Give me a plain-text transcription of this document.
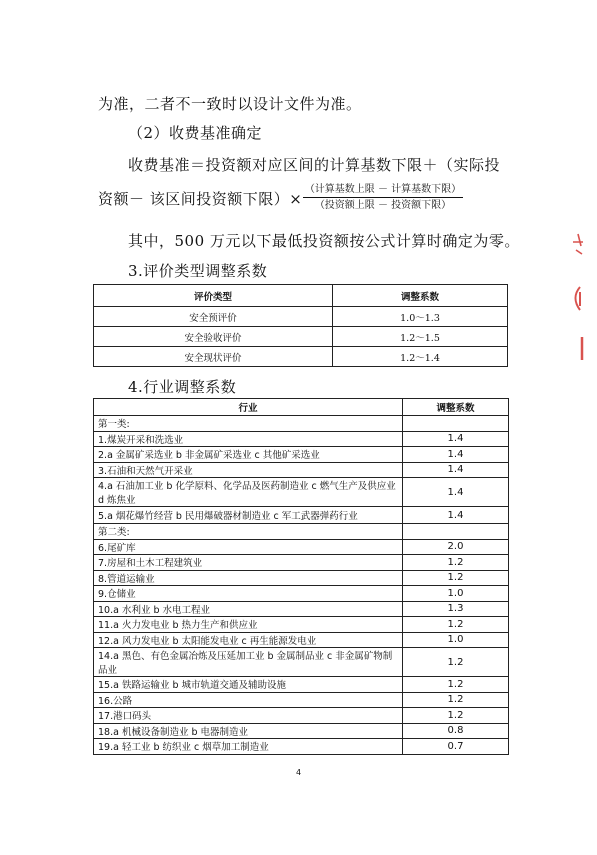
为准，二者不一致时以设计文件为准。
（2）收费基准确定
收费基准＝投资额对应区间的计算基数下限＋（实际投
资额－ 该区间投资额下限）×
（计算基数上限 － 计算基数下限）
（投资额上限 － 投资额下限）
其中，500 万元以下最低投资额按公式计算时确定为零。
3.评价类型调整系数
评价类型	调整系数
安全预评价	1.0～1.3
安全验收评价	1.2～1.5
安全现状评价	1.2～1.4
4.行业调整系数
行业	调整系数
第一类:	
1.煤炭开采和洗选业	1.4
2.a 金属矿采选业 b 非金属矿采选业 c 其他矿采选业	1.4
3.石油和天然气开采业	1.4
4.a 石油加工业 b 化学原料、化学品及医药制造业 c 燃气生产及供应业 d 炼焦业	1.4
5.a 烟花爆竹经营 b 民用爆破器材制造业 c 军工武器弹药行业	1.4
第二类:	
6.尾矿库	2.0
7.房屋和土木工程建筑业	1.2
8.管道运输业	1.2
9.仓储业	1.0
10.a 水利业 b 水电工程业	1.3
11.a 火力发电业 b 热力生产和供应业	1.2
12.a 风力发电业 b 太阳能发电业 c 再生能源发电业	1.0
14.a 黑色、有色金属冶炼及压延加工业 b 金属制品业 c 非金属矿物制品业	1.2
15.a 铁路运输业 b 城市轨道交通及辅助设施	1.2
16.公路	1.2
17.港口码头	1.2
18.a 机械设备制造业 b 电器制造业	0.8
19.a 轻工业 b 纺织业 c 烟草加工制造业	0.7
4
